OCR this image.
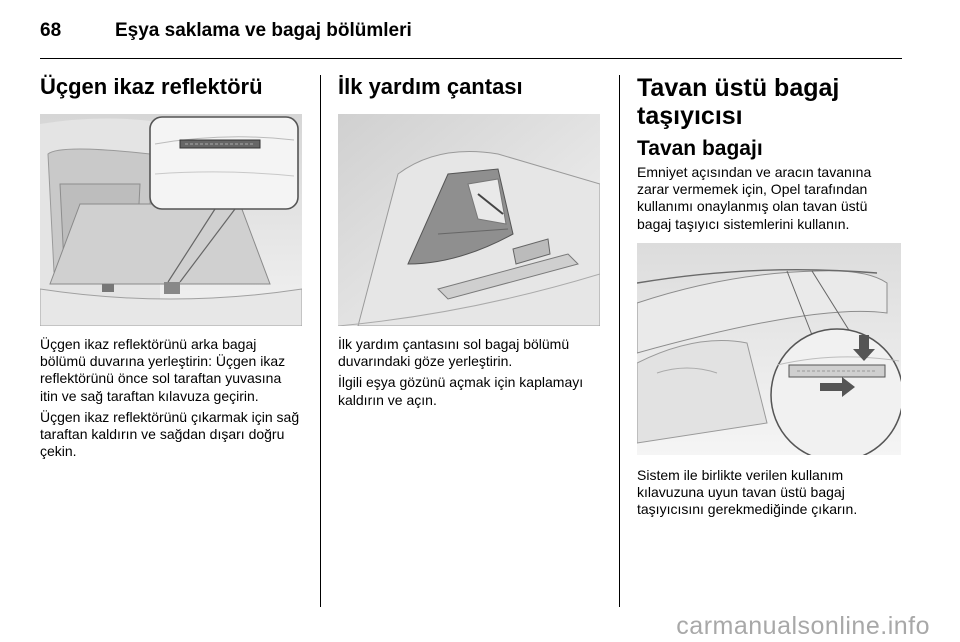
68	Eşya saklama ve bagaj bölümleri
Üçgen ikaz reflektörü

Üçgen ikaz reflektörünü arka bagaj bölümü duvarına yerleştirin: Üçgen ikaz reflektörünü önce sol taraftan yuvasına itin ve sağ taraftan kılavuza geçirin.

Üçgen ikaz reflektörünü çıkarmak için sağ taraftan kaldırın ve sağdan dışarı doğru çekin.

İlk yardım çantası

İlk yardım çantasını sol bagaj bölümü duvarındaki göze yerleştirin.

İlgili eşya gözünü açmak için kaplamayı kaldırın ve açın.

Tavan üstü bagaj
taşıyıcısı
Tavan bagajı

Emniyet açısından ve aracın tavanına zarar vermemek için, Opel tarafından kullanımı onaylanmış olan tavan üstü bagaj taşıyıcı sistemlerini kullanın.

Sistem ile birlikte verilen kullanım kılavuzuna uyun tavan üstü bagaj taşıyıcısını gerekmediğinde çıkarın.

carmanualsonline.info
